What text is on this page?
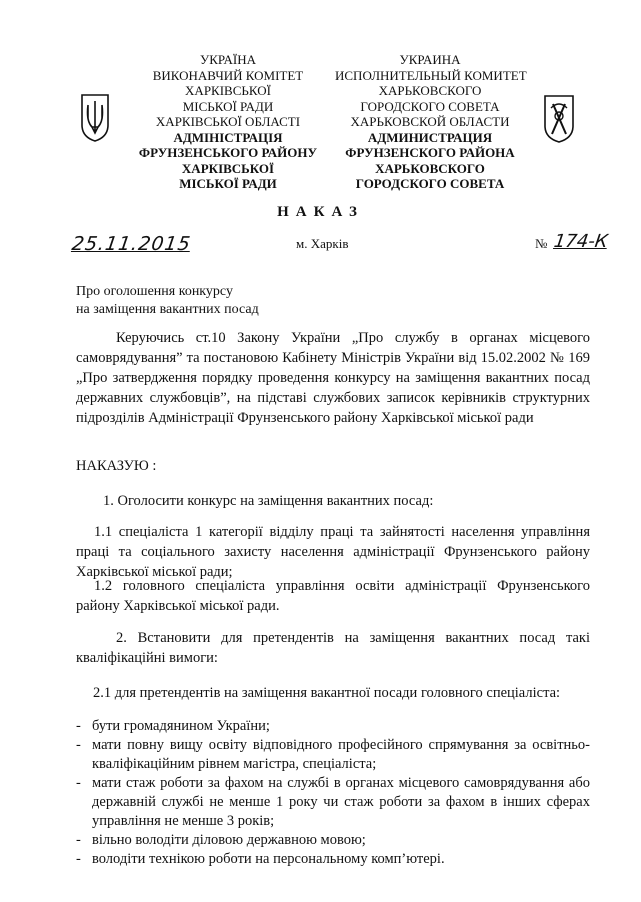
УКРАЇНА
ВИКОНАВЧИЙ КОМІТЕТ
ХАРКІВСЬКОЇ
МІСЬКОЇ РАДИ
ХАРКІВСЬКОЇ ОБЛАСТІ
АДМІНІСТРАЦІЯ
ФРУНЗЕНСЬКОГО РАЙОНУ
ХАРКІВСЬКОЇ
МІСЬКОЇ РАДИ
УКРАИНА
ИСПОЛНИТЕЛЬНЫЙ КОМИТЕТ
ХАРЬКОВСКОГО
ГОРОДСКОГО СОВЕТА
ХАРЬКОВСКОЙ ОБЛАСТИ
АДМИНИСТРАЦИЯ
ФРУНЗЕНСКОГО РАЙОНА
ХАРЬКОВСКОГО
ГОРОДСКОГО СОВЕТА
НАКАЗ
25.11.2015	м. Харків	№ 174-К
Про оголошення конкурсу
на заміщення вакантних посад
Керуючись ст.10 Закону України „Про службу в органах місцевого самоврядування” та постановою Кабінету Міністрів України від 15.02.2002 № 169 „Про затвердження порядку проведення конкурсу на заміщення вакантних посад державних службовців”, на підставі службових записок керівників структурних підрозділів Адміністрації Фрунзенського району Харківської міської ради
НАКАЗУЮ :
1. Оголосити конкурс на заміщення вакантних посад:
1.1 спеціаліста 1 категорії відділу праці та зайнятості населення управління праці та соціального захисту населення адміністрації Фрунзенського району Харківської міської ради;
1.2 головного спеціаліста управління освіти адміністрації Фрунзенського району Харківської міської ради.
2. Встановити для претендентів на заміщення вакантних посад такі кваліфікаційні вимоги:
2.1 для претендентів на заміщення вакантної посади головного спеціаліста:
- бути громадянином України;
- мати повну вищу освіту відповідного професійного спрямування за освітньо-кваліфікаційним рівнем магістра, спеціаліста;
- мати стаж роботи за фахом на службі в органах місцевого самоврядування або державній службі не менше 1 року чи стаж роботи за фахом в інших сферах управління не менше 3 років;
- вільно володіти діловою державною мовою;
- володіти технікою роботи на персональному комп’ютері.
